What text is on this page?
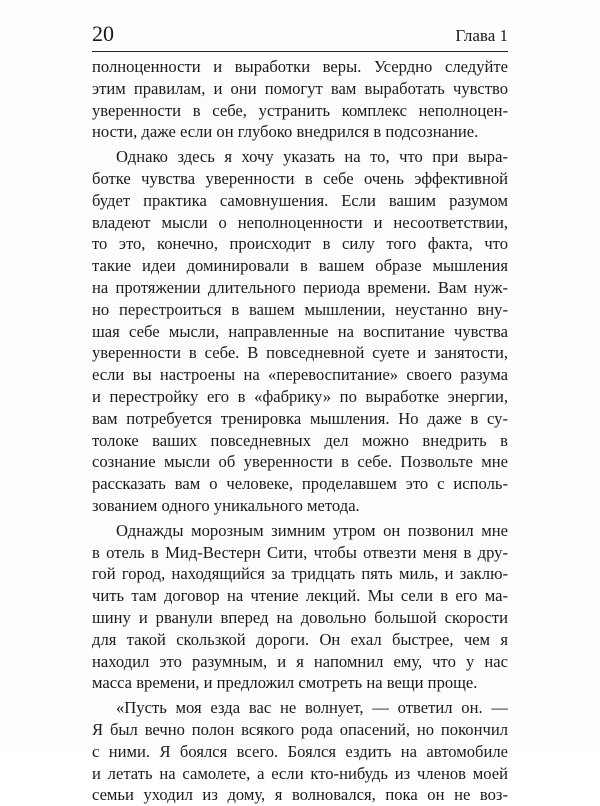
20	Глава 1
полноценности и выработки веры. Усердно следуйте
этим правилам, и они помогут вам выработать чувство
уверенности в себе, устранить комплекс неполноцен-
ности, даже если он глубоко внедрился в подсознание.
Однако здесь я хочу указать на то, что при выра-
ботке чувства уверенности в себе очень эффективной
будет практика самовнушения. Если вашим разумом
владеют мысли о неполноценности и несоответствии,
то это, конечно, происходит в силу того факта, что
такие идеи доминировали в вашем образе мышления
на протяжении длительного периода времени. Вам нуж-
но перестроиться в вашем мышлении, неустанно вну-
шая себе мысли, направленные на воспитание чувства
уверенности в себе. В повседневной суете и занятости,
если вы настроены на «перевоспитание» своего разума
и перестройку его в «фабрику» по выработке энергии,
вам потребуется тренировка мышления. Но даже в су-
толоке ваших повседневных дел можно внедрить в
сознание мысли об уверенности в себе. Позвольте мне
рассказать вам о человеке, проделавшем это с исполь-
зованием одного уникального метода.
Однажды морозным зимним утром он позвонил мне
в отель в Мид-Вестерн Сити, чтобы отвезти меня в дру-
гой город, находящийся за тридцать пять миль, и заклю-
чить там договор на чтение лекций. Мы сели в его ма-
шину и рванули вперед на довольно большой скорости
для такой скользкой дороги. Он ехал быстрее, чем я
находил это разумным, и я напомнил ему, что у нас
масса времени, и предложил смотреть на вещи проще.
«Пусть моя езда вас не волнует, — ответил он. —
Я был вечно полон всякого рода опасений, но покончил
с ними. Я боялся всего. Боялся ездить на автомобиле
и летать на самолете, а если кто-нибудь из членов моей
семьи уходил из дому, я волновался, пока он не воз-
